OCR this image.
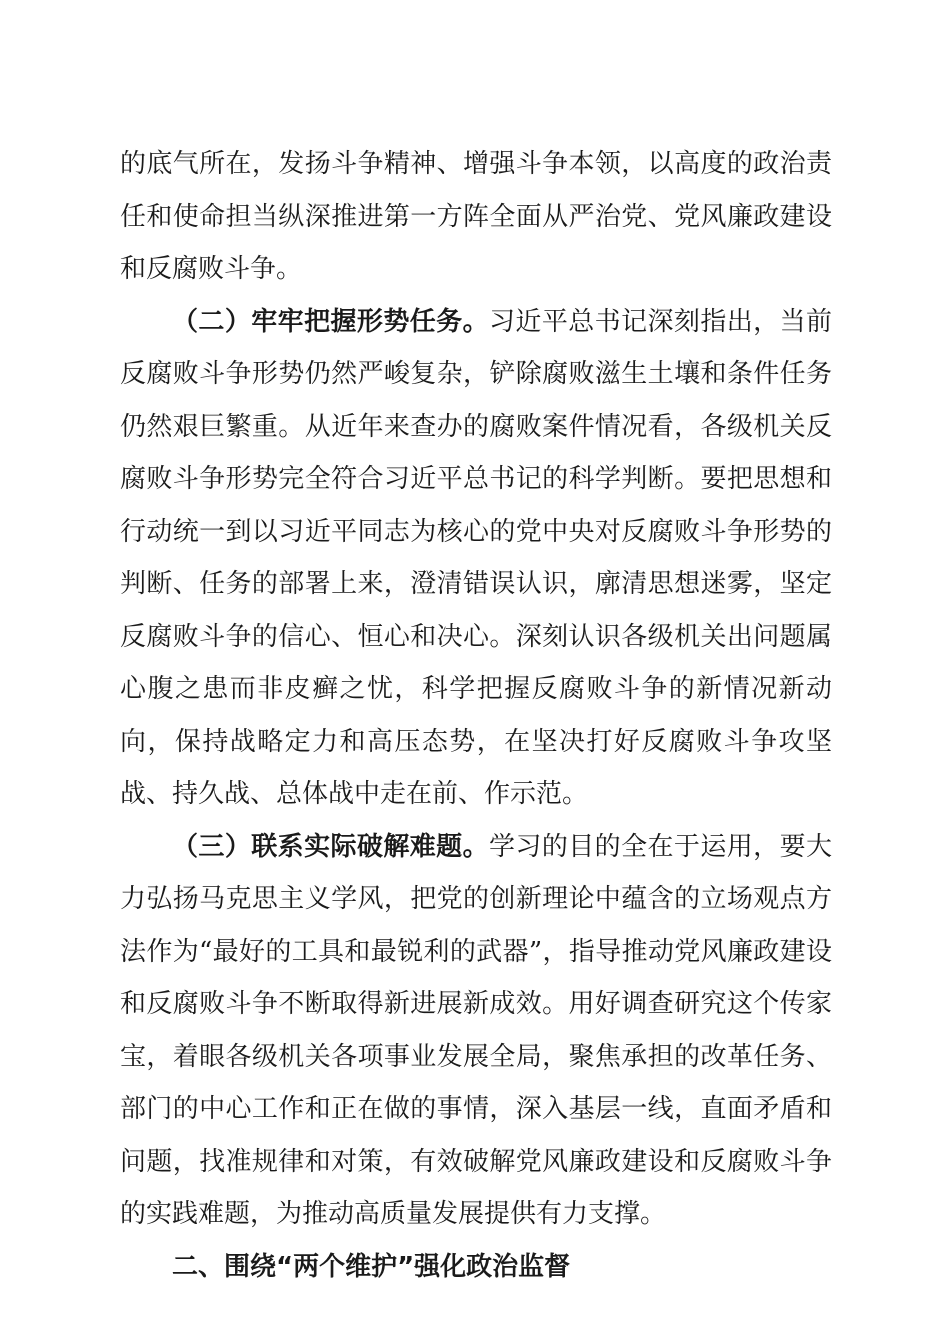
的底气所在，发扬斗争精神、增强斗争本领，以高度的政治责任和使命担当纵深推进第一方阵全面从严治党、党风廉政建设和反腐败斗争。

（二）牢牢把握形势任务。习近平总书记深刻指出，当前反腐败斗争形势仍然严峻复杂，铲除腐败滋生土壤和条件任务仍然艰巨繁重。从近年来查办的腐败案件情况看，各级机关反腐败斗争形势完全符合习近平总书记的科学判断。要把思想和行动统一到以习近平同志为核心的党中央对反腐败斗争形势的判断、任务的部署上来，澄清错误认识，廓清思想迷雾，坚定反腐败斗争的信心、恒心和决心。深刻认识各级机关出问题属心腹之患而非皮癣之忧，科学把握反腐败斗争的新情况新动向，保持战略定力和高压态势，在坚决打好反腐败斗争攻坚战、持久战、总体战中走在前、作示范。

（三）联系实际破解难题。学习的目的全在于运用，要大力弘扬马克思主义学风，把党的创新理论中蕴含的立场观点方法作为“最好的工具和最锐利的武器”，指导推动党风廉政建设和反腐败斗争不断取得新进展新成效。用好调查研究这个传家宝，着眼各级机关各项事业发展全局，聚焦承担的改革任务、部门的中心工作和正在做的事情，深入基层一线，直面矛盾和问题，找准规律和对策，有效破解党风廉政建设和反腐败斗争的实践难题，为推动高质量发展提供有力支撑。

二、围绕“两个维护”强化政治监督
